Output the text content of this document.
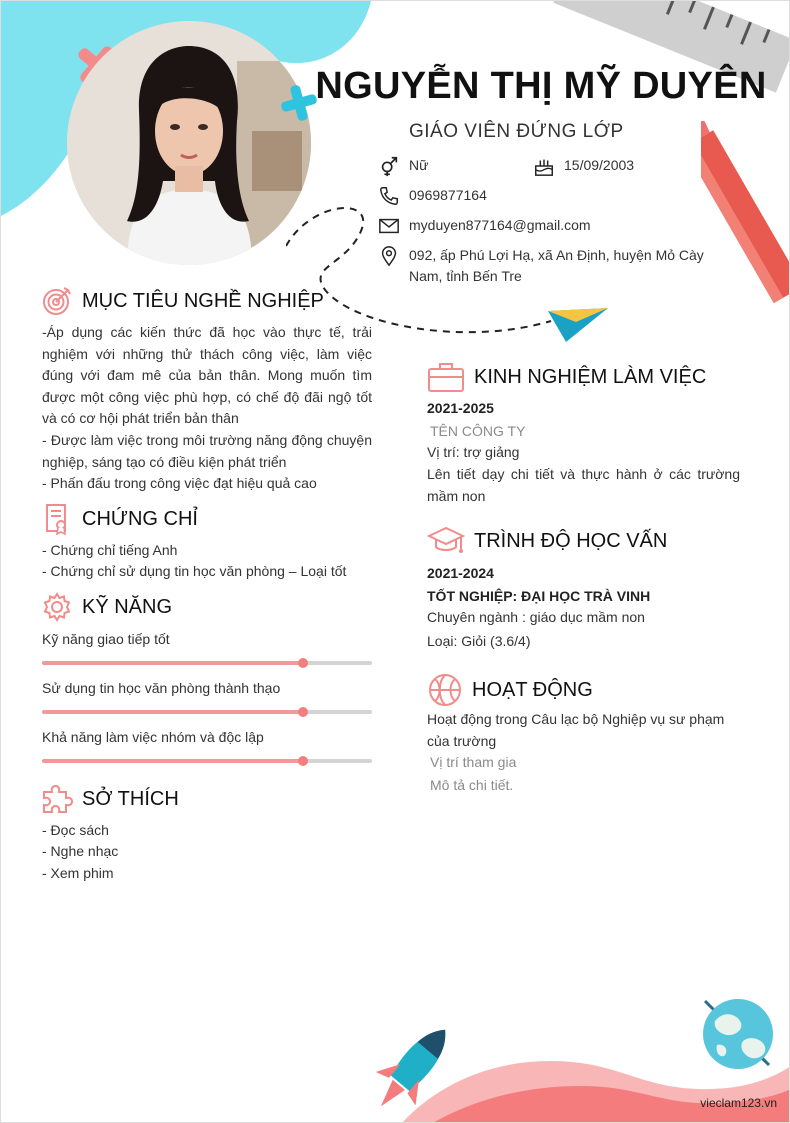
NGUYỄN THỊ MỸ DUYÊN
GIÁO VIÊN ĐỨNG LỚP
Nữ	15/09/2003
0969877164
myduyen877164@gmail.com
092, ấp Phú Lợi Hạ, xã An Định, huyện Mỏ Cày Nam, tỉnh Bến Tre
MỤC TIÊU NGHỀ NGHIỆP
-Áp dụng các kiến thức đã học vào thực tế, trải nghiệm với những thử thách công việc, làm việc đúng với đam mê của bản thân. Mong muốn tìm được một công việc phù hợp, có chế độ đãi ngộ tốt và có cơ hội phát triển bản thân
- Được làm việc trong môi trường năng động chuyện nghiệp, sáng tạo có điều kiện phát triển
- Phấn đấu trong công việc đạt hiệu quả cao
CHỨNG CHỈ
- Chứng chỉ tiếng Anh
- Chứng chỉ sử dụng tin học văn phòng – Loại tốt
KỸ NĂNG
Kỹ năng giao tiếp tốt
Sử dụng tin học văn phòng thành thạo
Khả năng làm việc nhóm và độc lập
SỞ THÍCH
- Đọc sách
- Nghe nhạc
- Xem phim
KINH NGHIỆM LÀM VIỆC
2021-2025
TÊN CÔNG TY
Vị trí: trợ giảng
Lên tiết dạy chi tiết và thực hành ở các trường mầm non
TRÌNH ĐỘ HỌC VẤN
2021-2024
TỐT NGHIỆP: ĐẠI HỌC TRÀ VINH
Chuyên ngành : giáo dục mầm non
Loại: Giỏi (3.6/4)
HOẠT ĐỘNG
Hoạt động trong Câu lạc bộ Nghiệp vụ sư phạm của trường
Vị trí tham gia
Mô tả chi tiết.
vieclam123.vn
